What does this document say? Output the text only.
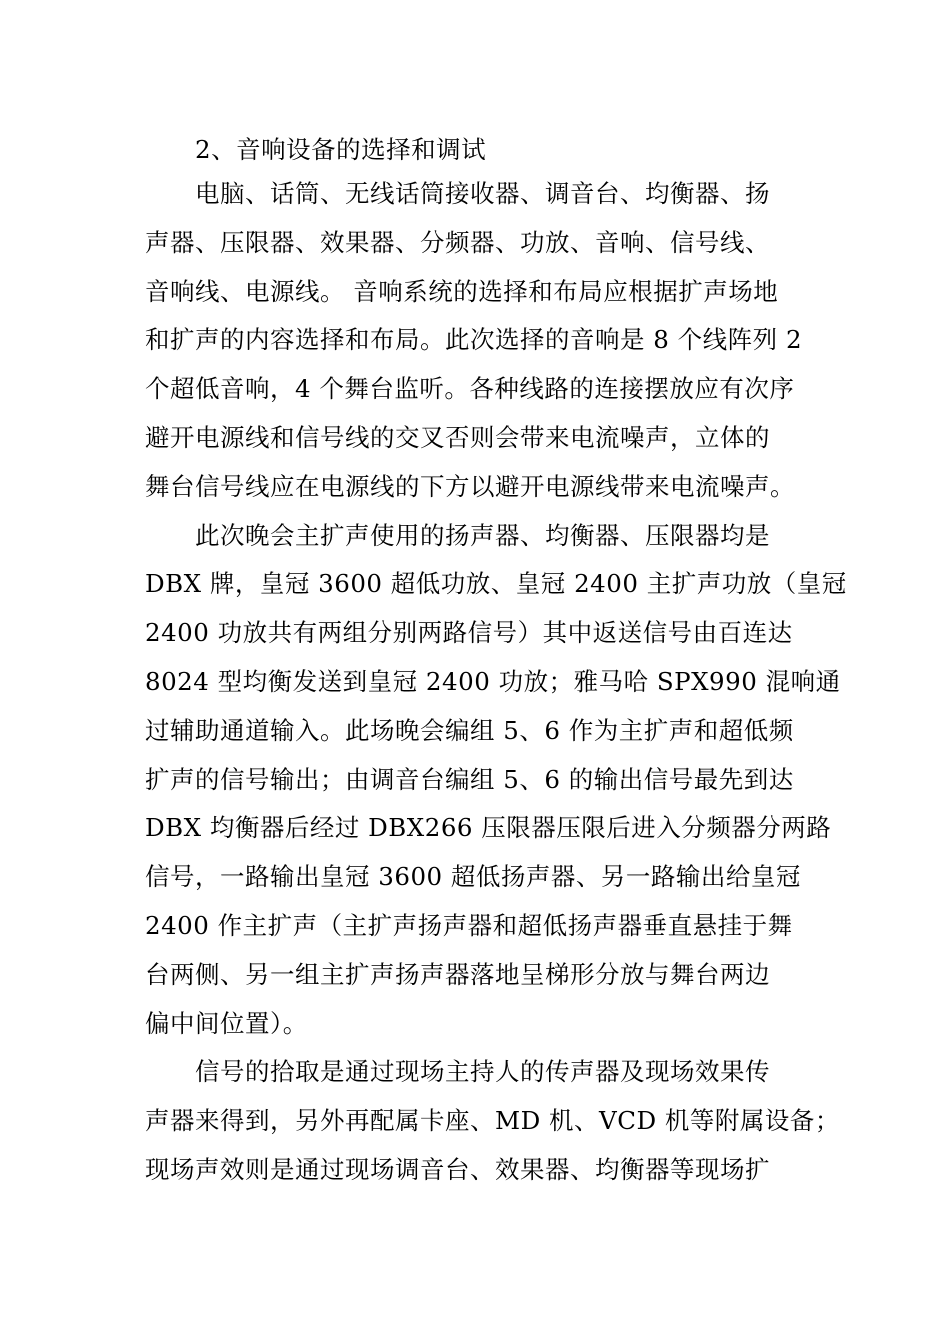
2、音响设备的选择和调试
电脑、话筒、无线话筒接收器、调音台、均衡器、扬
声器、压限器、效果器、分频器、功放、音响、信号线、
音响线、电源线。 音响系统的选择和布局应根据扩声场地
和扩声的内容选择和布局。此次选择的音响是 8 个线阵列 2
个超低音响，4 个舞台监听。各种线路的连接摆放应有次序
避开电源线和信号线的交叉否则会带来电流噪声，立体的
舞台信号线应在电源线的下方以避开电源线带来电流噪声。
此次晚会主扩声使用的扬声器、均衡器、压限器均是
DBX 牌，皇冠 3600 超低功放、皇冠 2400 主扩声功放（皇冠
2400 功放共有两组分别两路信号）其中返送信号由百连达
8024 型均衡发送到皇冠 2400 功放；雅马哈 SPX990 混响通
过辅助通道输入。此场晚会编组 5、6 作为主扩声和超低频
扩声的信号输出；由调音台编组 5、6 的输出信号最先到达
DBX 均衡器后经过 DBX266 压限器压限后进入分频器分两路
信号，一路输出皇冠 3600 超低扬声器、另一路输出给皇冠
2400 作主扩声（主扩声扬声器和超低扬声器垂直悬挂于舞
台两侧、另一组主扩声扬声器落地呈梯形分放与舞台两边
偏中间位置）。
信号的拾取是通过现场主持人的传声器及现场效果传
声器来得到，另外再配属卡座、MD 机、VCD 机等附属设备；
现场声效则是通过现场调音台、效果器、均衡器等现场扩
